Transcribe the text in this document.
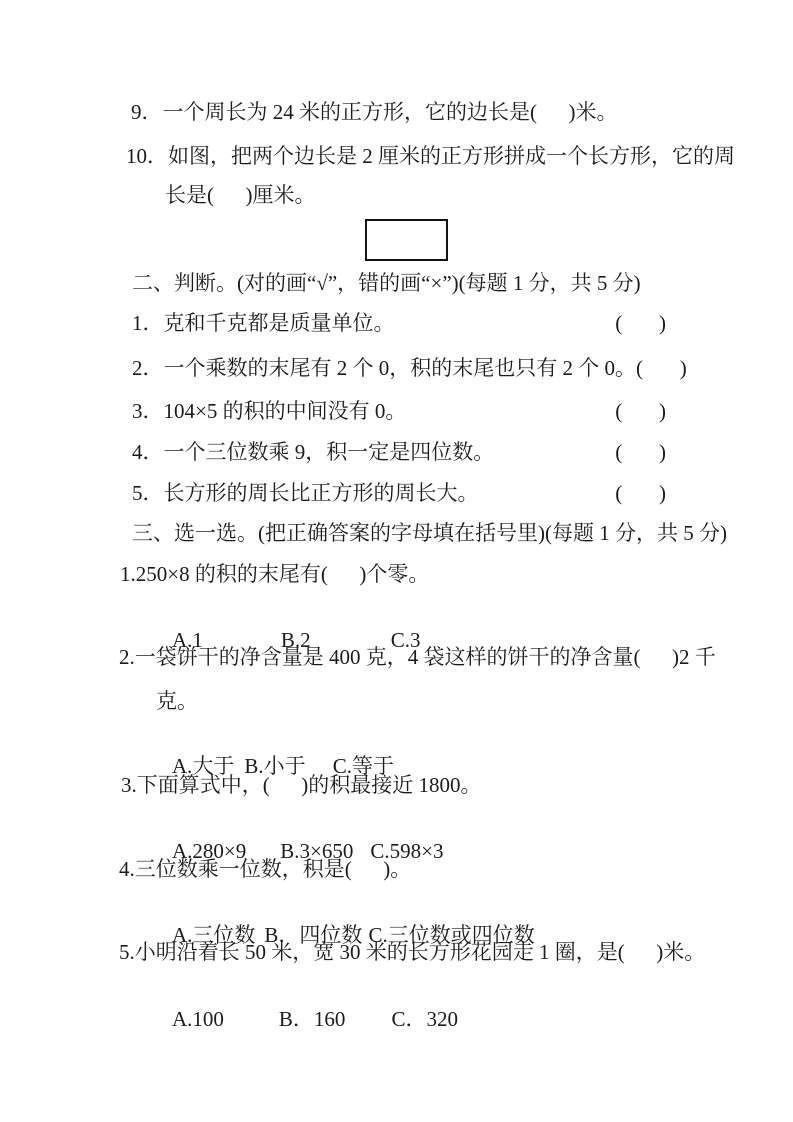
9．一个周长为 24 米的正方形，它的边长是(      )米。
10．如图，把两个边长是 2 厘米的正方形拼成一个长方形，它的周
长是(      )厘米。
二、判断。(对的画“√”，错的画“×”)(每题 1 分，共 5 分)
1．克和千克都是质量单位。	(       )
2．一个乘数的末尾有 2 个 0，积的末尾也只有 2 个 0。 (       )
3．104×5 的积的中间没有 0。	(       )
4．一个三位数乘 9，积一定是四位数。	(       )
5．长方形的周长比正方形的周长大。	(       )
三、选一选。(把正确答案的字母填在括号里)(每题 1 分，共 5 分)
1.250×8 的积的末尾有(      )个零。

A.1	B.2	C.3

2.一袋饼干的净含量是 400 克，4 袋这样的饼干的净含量(      )2 千
克。

A.大于 B.小于 C.等于

3.下面算式中，(      )的积最接近 1800。

A.280×9 B.3×650 C.598×3

4.三位数乘一位数，积是(      )。

A.三位数 B．四位数 C.三位数或四位数

5.小明沿着长 50 米，宽 30 米的长方形花园走 1 圈，是(      )米。

A.100	B．160 C．320
